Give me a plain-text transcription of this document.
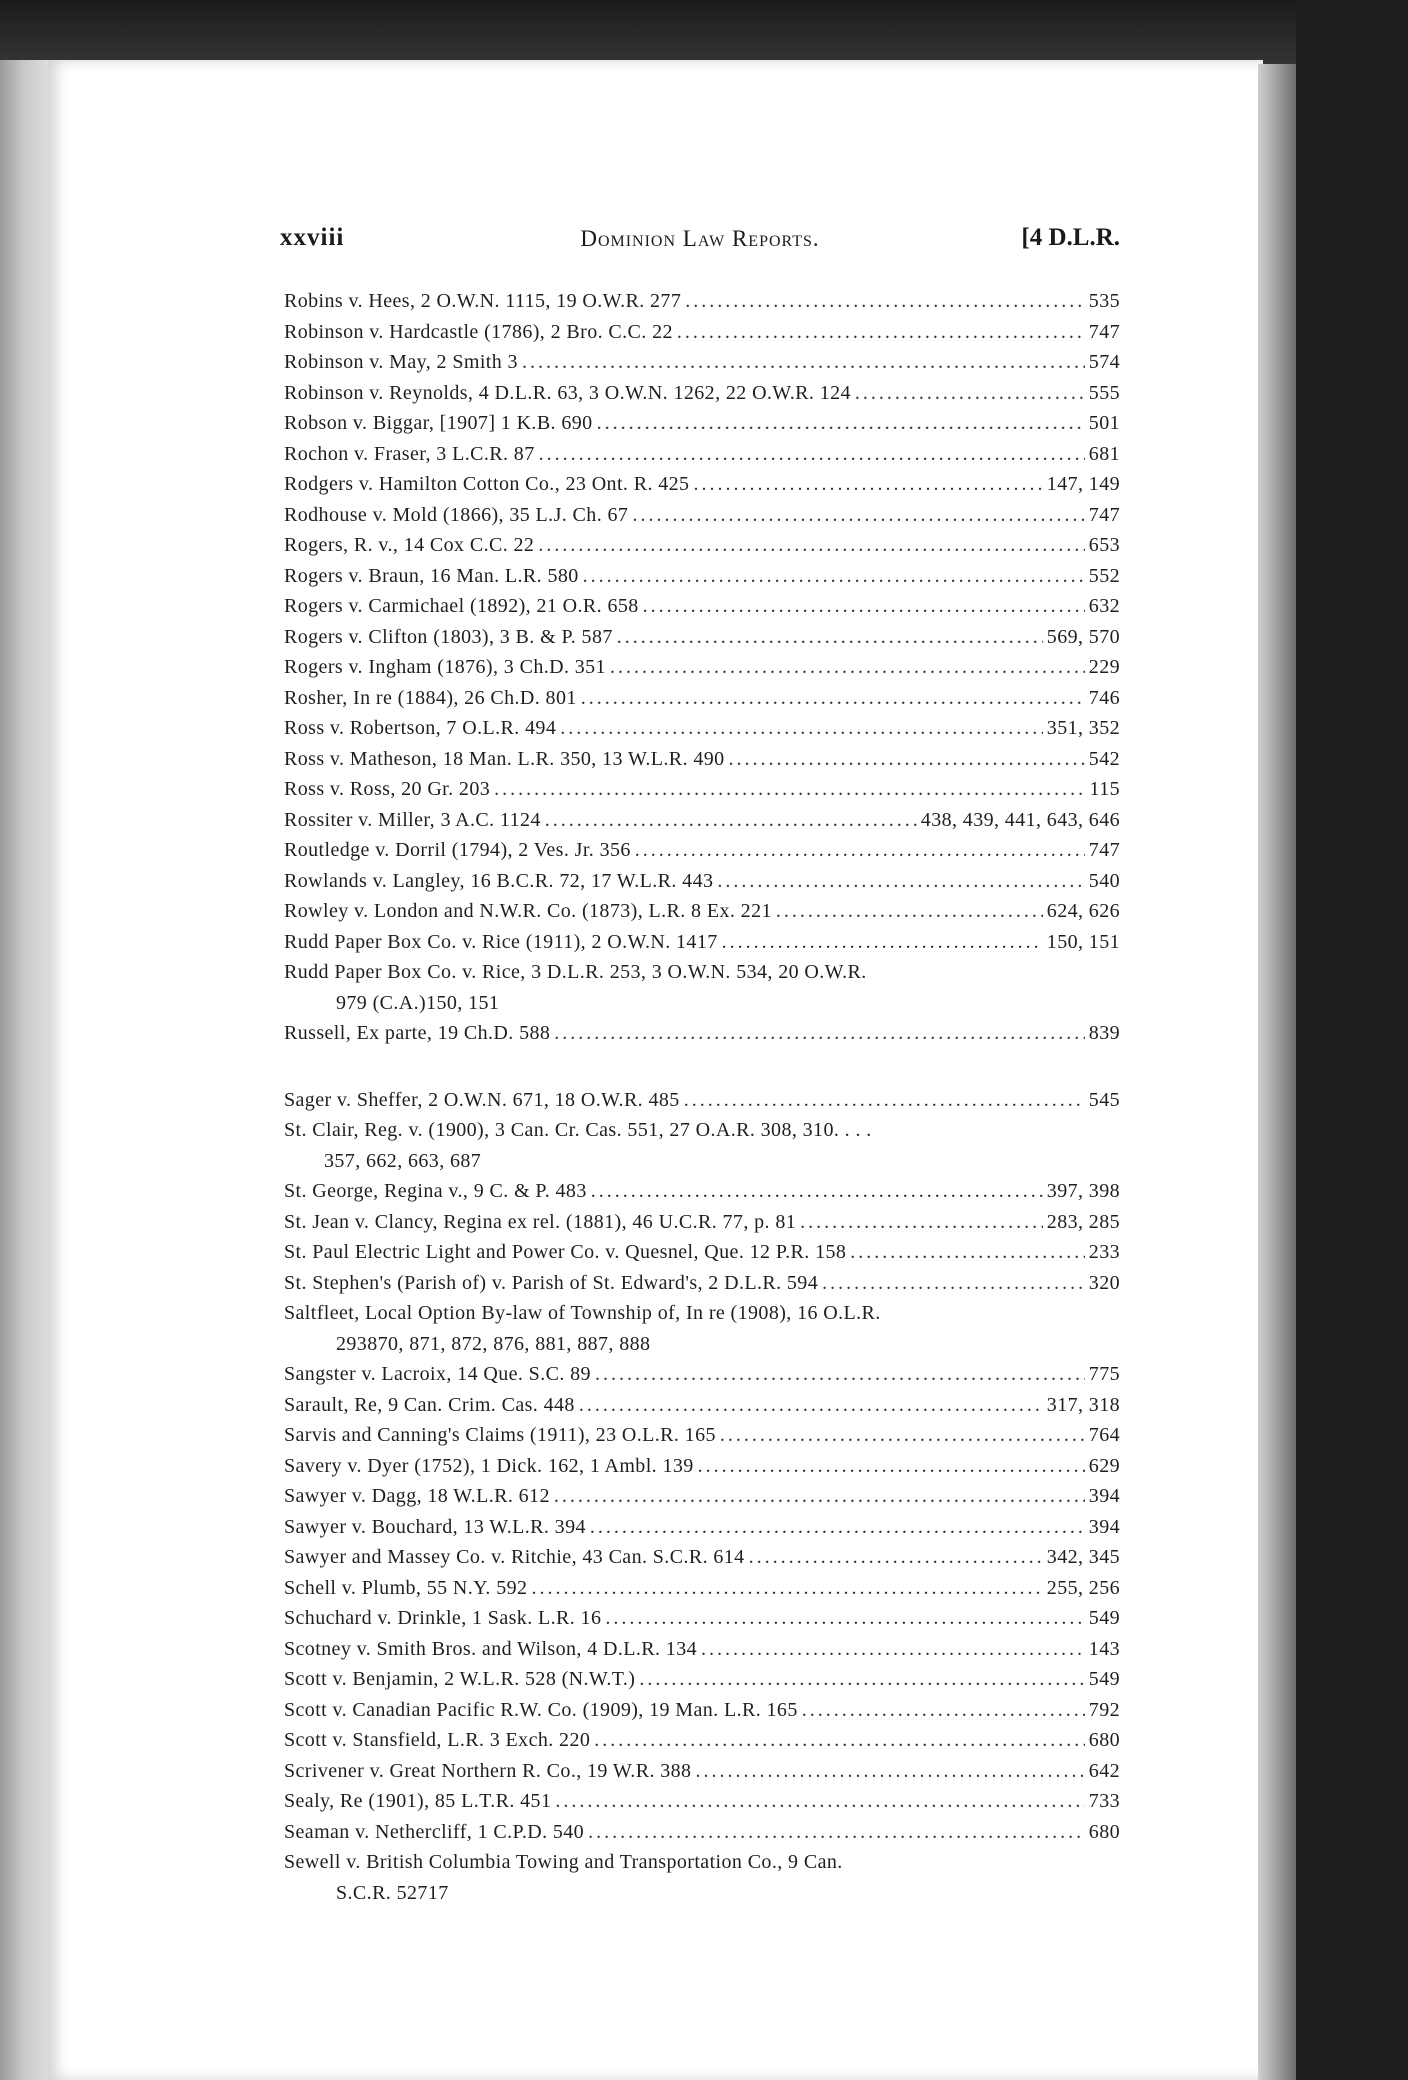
xxviii	Dominion Law Reports.	[4 D.L.R.
Robins v. Hees, 2 O.W.N. 1115, 19 O.W.R. 277 . . .	535
Robinson v. Hardcastle (1786), 2 Bro. C.C. 22 . . .	747
Robinson v. May, 2 Smith 3 . . .	574
Robinson v. Reynolds, 4 D.L.R. 63, 3 O.W.N. 1262, 22 O.W.R. 124 . . .	555
Robson v. Biggar, [1907] 1 K.B. 690 . . .	501
Rochon v. Fraser, 3 L.C.R. 87 . . .	681
Rodgers v. Hamilton Cotton Co., 23 Ont. R. 425 . . .	147, 149
Rodhouse v. Mold (1866), 35 L.J. Ch. 67 . . .	747
Rogers, R. v., 14 Cox C.C. 22 . . .	653
Rogers v. Braun, 16 Man. L.R. 580 . . .	552
Rogers v. Carmichael (1892), 21 O.R. 658 . . .	632
Rogers v. Clifton (1803), 3 B. & P. 587 . . .	569, 570
Rogers v. Ingham (1876), 3 Ch.D. 351 . . .	229
Rosher, In re (1884), 26 Ch.D. 801 . . .	746
Ross v. Robertson, 7 O.L.R. 494 . . .	351, 352
Ross v. Matheson, 18 Man. L.R. 350, 13 W.L.R. 490 . . .	542
Ross v. Ross, 20 Gr. 203 . . .	115
Rossiter v. Miller, 3 A.C. 1124 . . .	438, 439, 441, 643, 646
Routledge v. Dorril (1794), 2 Ves. Jr. 356 . . .	747
Rowlands v. Langley, 16 B.C.R. 72, 17 W.L.R. 443 . . .	540
Rowley v. London and N.W.R. Co. (1873), L.R. 8 Ex. 221 . . .	624, 626
Rudd Paper Box Co. v. Rice (1911), 2 O.W.N. 1417 . . .	150, 151
Rudd Paper Box Co. v. Rice, 3 D.L.R. 253, 3 O.W.N. 534, 20 O.W.R.
979 (C.A.) 150, 151
Russell, Ex parte, 19 Ch.D. 588 . . .	839
Sager v. Sheffer, 2 O.W.N. 671, 18 O.W.R. 485 . . .	545
St. Clair, Reg. v. (1900), 3 Can. Cr. Cas. 551, 27 O.A.R. 308, 310. . . .
357, 662, 663, 687
St. George, Regina v., 9 C. & P. 483 . . .	397, 398
St. Jean v. Clancy, Regina ex rel. (1881), 46 U.C.R. 77, p. 81 . . .	283, 285
St. Paul Electric Light and Power Co. v. Quesnel, Que. 12 P.R. 158 . . .	233
St. Stephen's (Parish of) v. Parish of St. Edward's, 2 D.L.R. 594 . . .	320
Saltfleet, Local Option By-law of Township of, In re (1908), 16 O.L.R.
293 870, 871, 872, 876, 881, 887, 888
Sangster v. Lacroix, 14 Que. S.C. 89 . . .	775
Sarault, Re, 9 Can. Crim. Cas. 448 . . .	317, 318
Sarvis and Canning's Claims (1911), 23 O.L.R. 165 . . .	764
Savery v. Dyer (1752), 1 Dick. 162, 1 Ambl. 139 . . .	629
Sawyer v. Dagg, 18 W.L.R. 612 . . .	394
Sawyer v. Bouchard, 13 W.L.R. 394 . . .	394
Sawyer and Massey Co. v. Ritchie, 43 Can. S.C.R. 614 . . .	342, 345
Schell v. Plumb, 55 N.Y. 592 . . .	255, 256
Schuchard v. Drinkle, 1 Sask. L.R. 16 . . .	549
Scotney v. Smith Bros. and Wilson, 4 D.L.R. 134 . . .	143
Scott v. Benjamin, 2 W.L.R. 528 (N.W.T.) . . .	549
Scott v. Canadian Pacific R.W. Co. (1909), 19 Man. L.R. 165 . . .	792
Scott v. Stansfield, L.R. 3 Exch. 220 . . .	680
Scrivener v. Great Northern R. Co., 19 W.R. 388 . . .	642
Sealy, Re (1901), 85 L.T.R. 451 . . .	733
Seaman v. Nethercliff, 1 C.P.D. 540 . . .	680
Sewell v. British Columbia Towing and Transportation Co., 9 Can.
S.C.R. 527 17
